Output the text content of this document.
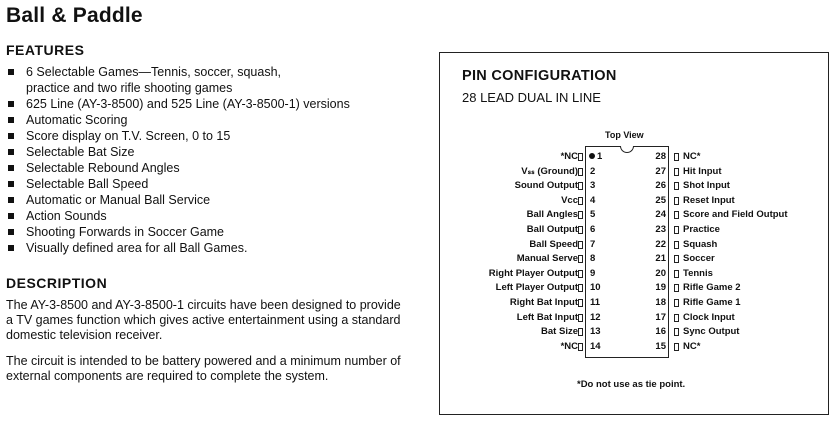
Ball & Paddle
FEATURES
6 Selectable Games—Tennis, soccer, squash, practice and two rifle shooting games
625 Line (AY-3-8500) and 525 Line (AY-3-8500-1) versions
Automatic Scoring
Score display on T.V. Screen, 0 to 15
Selectable Bat Size
Selectable Rebound Angles
Selectable Ball Speed
Automatic or Manual Ball Service
Action Sounds
Shooting Forwards in Soccer Game
Visually defined area for all Ball Games.
DESCRIPTION
The AY-3-8500 and AY-3-8500-1 circuits have been designed to provide a TV games function which gives active entertainment using a standard domestic television receiver.
The circuit is intended to be battery powered and a minimum number of external components are required to complete the system.
PIN CONFIGURATION
28 LEAD DUAL IN LINE
Top View
*NC 1
Vₛₛ (Ground) 2
Sound Output 3
Vᴄᴄ 4
Ball Angles 5
Ball Output 6
Ball Speed 7
Manual Serve 8
Right Player Output 9
Left Player Output 10
Right Bat Input 11
Left Bat Input 12
Bat Size 13
*NC 14
28 NC*
27 Hit Input
26 Shot Input
25 Reset Input
24 Score and Field Output
23 Practice
22 Squash
21 Soccer
20 Tennis
19 Rifle Game 2
18 Rifle Game 1
17 Clock Input
16 Sync Output
15 NC*
*Do not use as tie point.
